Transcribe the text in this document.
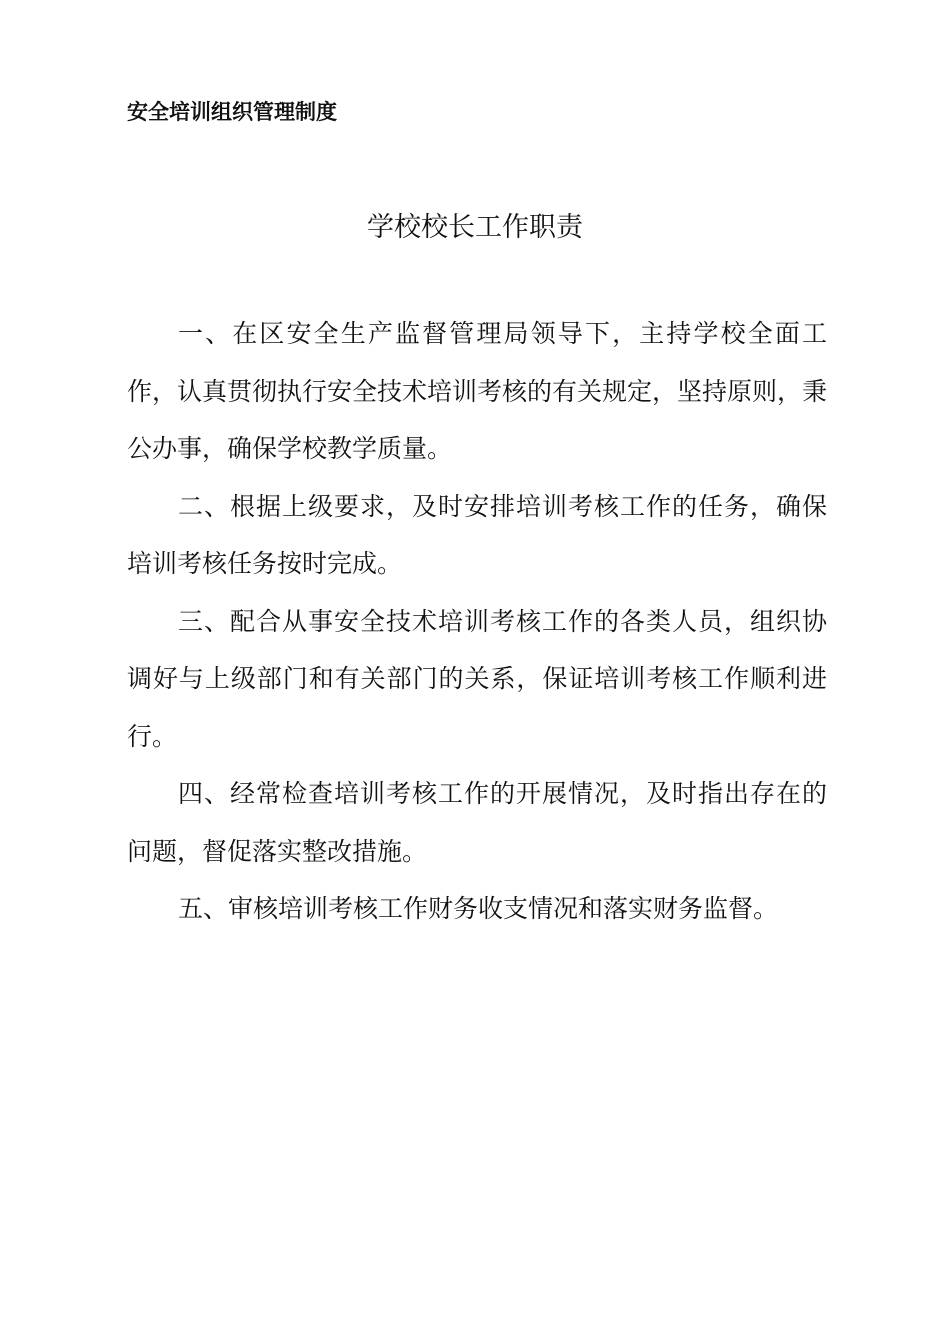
安全培训组织管理制度
学校校长工作职责

一、在区安全生产监督管理局领导下，主持学校全面工作，认真贯彻执行安全技术培训考核的有关规定，坚持原则，秉公办事，确保学校教学质量。

二、根据上级要求，及时安排培训考核工作的任务，确保培训考核任务按时完成。

三、配合从事安全技术培训考核工作的各类人员，组织协调好与上级部门和有关部门的关系，保证培训考核工作顺利进行。

四、经常检查培训考核工作的开展情况，及时指出存在的问题，督促落实整改措施。

五、审核培训考核工作财务收支情况和落实财务监督。
